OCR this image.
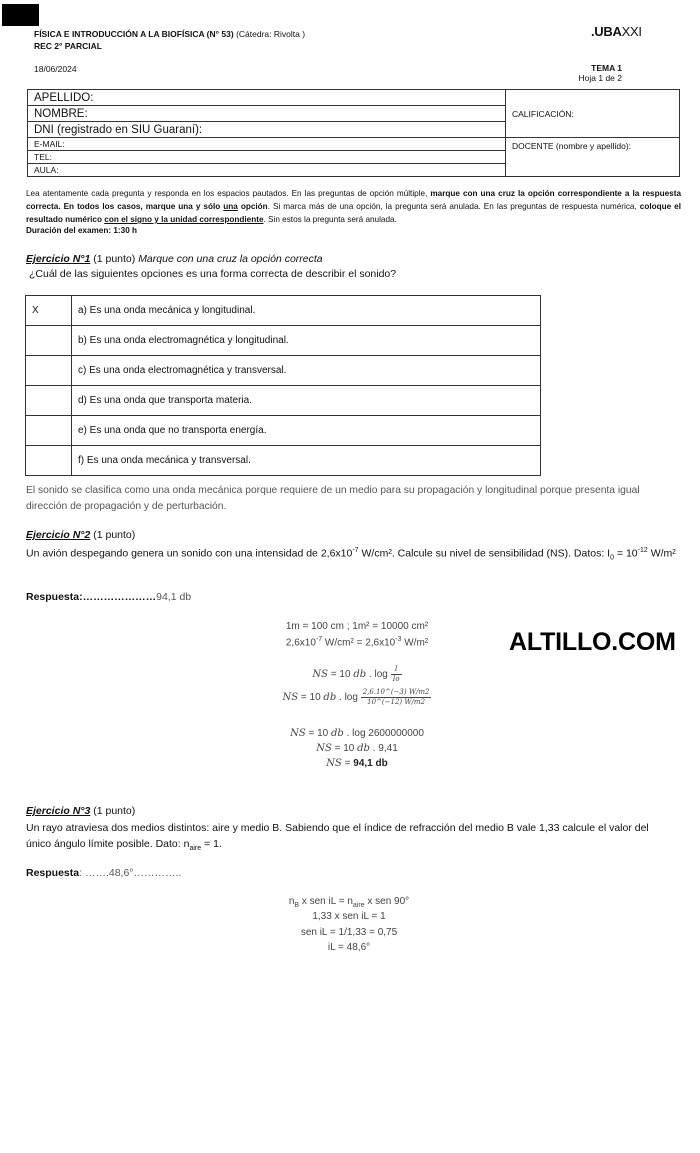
FÍSICA E INTRODUCCIÓN A LA BIOFÍSICA (N° 53) (Cátedra: Rivolta )
REC 2° PARCIAL
18/06/2024
.UBAXXI
TEMA 1
Hoja 1 de 2
APELLIDO:	CALIFICACIÓN:
NOMBRE:	
DNI (registrado en SIU Guaraní):	
E-MAIL:	DOCENTE (nombre y apellido):
TEL:	
AULA:	
Lea atentamente cada pregunta y responda en los espacios pautados. En las preguntas de opción múltiple, marque con una cruz la opción correspondiente a la respuesta correcta. En todos los casos, marque una y sólo una opción. Si marca más de una opción, la pregunta será anulada. En las preguntas de respuesta numérica, coloque el resultado numérico con el signo y la unidad correspondiente. Sin estos la pregunta será anulada.
Duración del examen: 1:30 h
Ejercicio N°1 (1 punto) Marque con una cruz la opción correcta
¿Cuál de las siguientes opciones es una forma correcta de describir el sonido?
X	a) Es una onda mecánica y longitudinal.
	b) Es una onda electromagnética y longitudinal.
	c) Es una onda electromagnética y transversal.
	d) Es una onda que transporta materia.
	e) Es una onda que no transporta energía.
	f) Es una onda mecánica y transversal.
El sonido se clasifica como una onda mecánica porque requiere de un medio para su propagación y longitudinal porque presenta igual dirección de propagación y de perturbación.
Ejercicio N°2 (1 punto)
Un avión despegando genera un sonido con una intensidad de $2,6x10^{-7}$ W/cm². Calcule su nivel de sensibilidad (NS). Datos: $I_0 = 10^{-12}$ W/m²
Respuesta:…………………94,1 db
1m = 100 cm ; 1m² = 10000 cm²
$2,6x10^{-7}$ $W/cm^2 = 2,6x10^{-3}$ W/m²
NS = 10 db . $\log \frac{I}{Io}$
NS = 10 db . $\log \frac{2,6.10\^{}(-3) W/m2}{10\^{}(-12) W/m2}$
NS = 10 db . log 2600000000
NS = 10 db . 9,41
NS = 94,1 db
ALTILLO.COM
Ejercicio N°3 (1 punto)
Un rayo atraviesa dos medios distintos: aire y medio B. Sabiendo que el índice de refracción del medio B vale 1,33 calcule el valor del único ángulo límite posible. Dato: $n_{aire} = 1$.
Respuesta: …….48,6°…………..
$n_B$ x sen iL = $n_{aire}$ x sen 90°
1,33 x sen iL = 1
sen iL = 1/1,33 = 0,75
iL = 48,6°
